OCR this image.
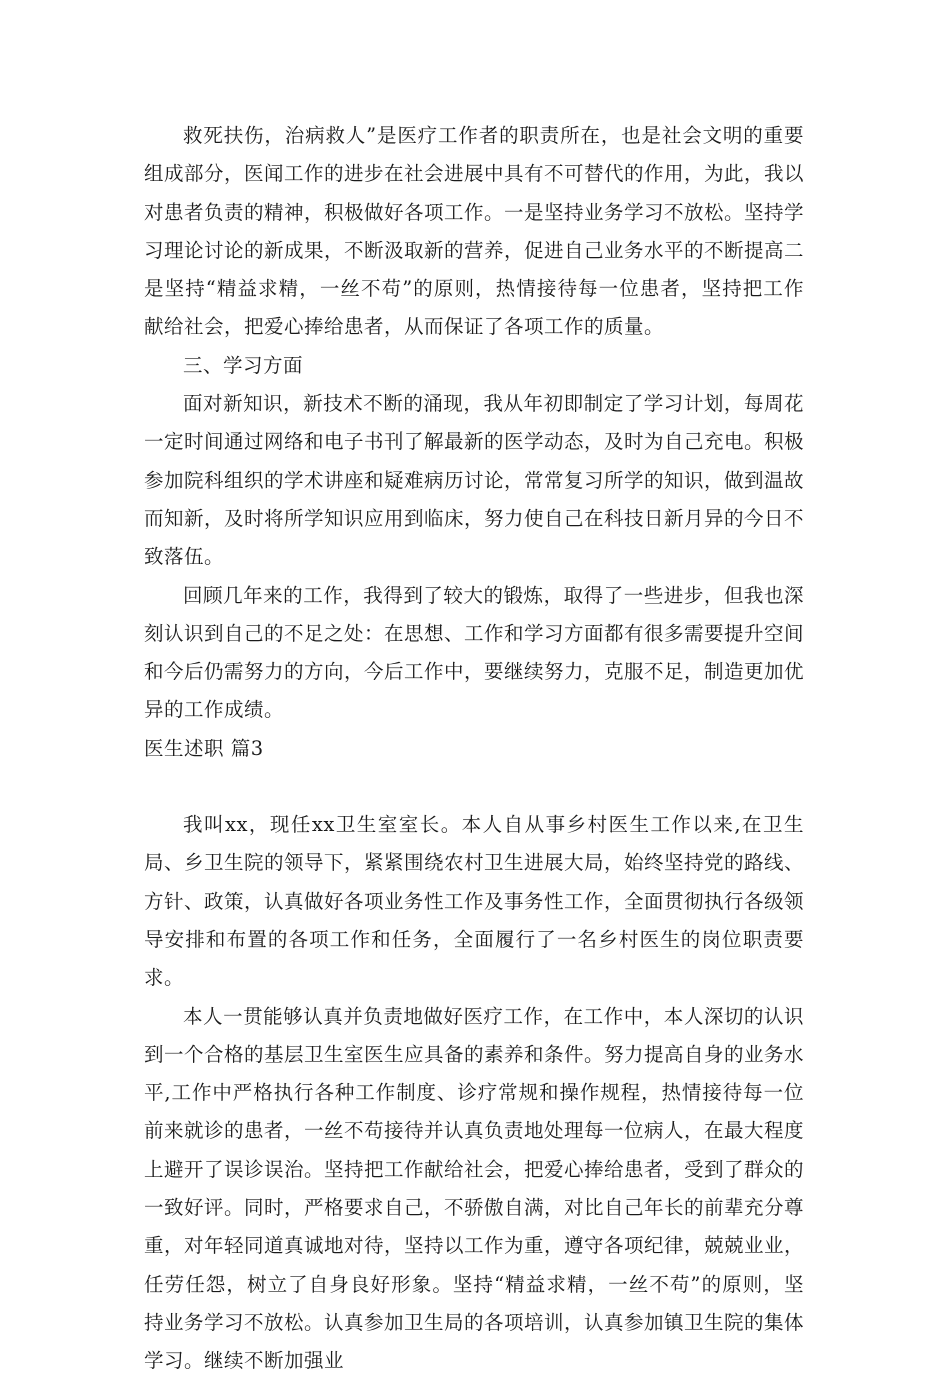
救死扶伤，治病救人”是医疗工作者的职责所在，也是社会文明的重要组成部分，医闻工作的进步在社会进展中具有不可替代的作用，为此，我以对患者负责的精神，积极做好各项工作。一是坚持业务学习不放松。坚持学习理论讨论的新成果，不断汲取新的营养，促进自己业务水平的不断提高二是坚持“精益求精，一丝不苟”的原则，热情接待每一位患者，坚持把工作献给社会，把爱心捧给患者，从而保证了各项工作的质量。

三、学习方面

面对新知识，新技术不断的涌现，我从年初即制定了学习计划，每周花一定时间通过网络和电子书刊了解最新的医学动态，及时为自己充电。积极参加院科组织的学术讲座和疑难病历讨论，常常复习所学的知识，做到温故而知新，及时将所学知识应用到临床，努力使自己在科技日新月异的今日不致落伍。

回顾几年来的工作，我得到了较大的锻炼，取得了一些进步，但我也深刻认识到自己的不足之处：在思想、工作和学习方面都有很多需要提升空间和今后仍需努力的方向，今后工作中，要继续努力，克服不足，制造更加优异的工作成绩。

医生述职 篇3

我叫xx，现任xx卫生室室长。本人自从事乡村医生工作以来,在卫生局、乡卫生院的领导下，紧紧围绕农村卫生进展大局，始终坚持党的路线、方针、政策，认真做好各项业务性工作及事务性工作，全面贯彻执行各级领导安排和布置的各项工作和任务，全面履行了一名乡村医生的岗位职责要求。

本人一贯能够认真并负责地做好医疗工作，在工作中，本人深切的认识到一个合格的基层卫生室医生应具备的素养和条件。努力提高自身的业务水平,工作中严格执行各种工作制度、诊疗常规和操作规程，热情接待每一位前来就诊的患者，一丝不苟接待并认真负责地处理每一位病人，在最大程度上避开了误诊误治。坚持把工作献给社会，把爱心捧给患者，受到了群众的一致好评。同时，严格要求自己，不骄傲自满，对比自己年长的前辈充分尊重，对年轻同道真诚地对待，坚持以工作为重，遵守各项纪律，兢兢业业，任劳任怨，树立了自身良好形象。坚持“精益求精，一丝不苟”的原则，坚持业务学习不放松。认真参加卫生局的各项培训，认真参加镇卫生院的集体学习。继续不断加强业
